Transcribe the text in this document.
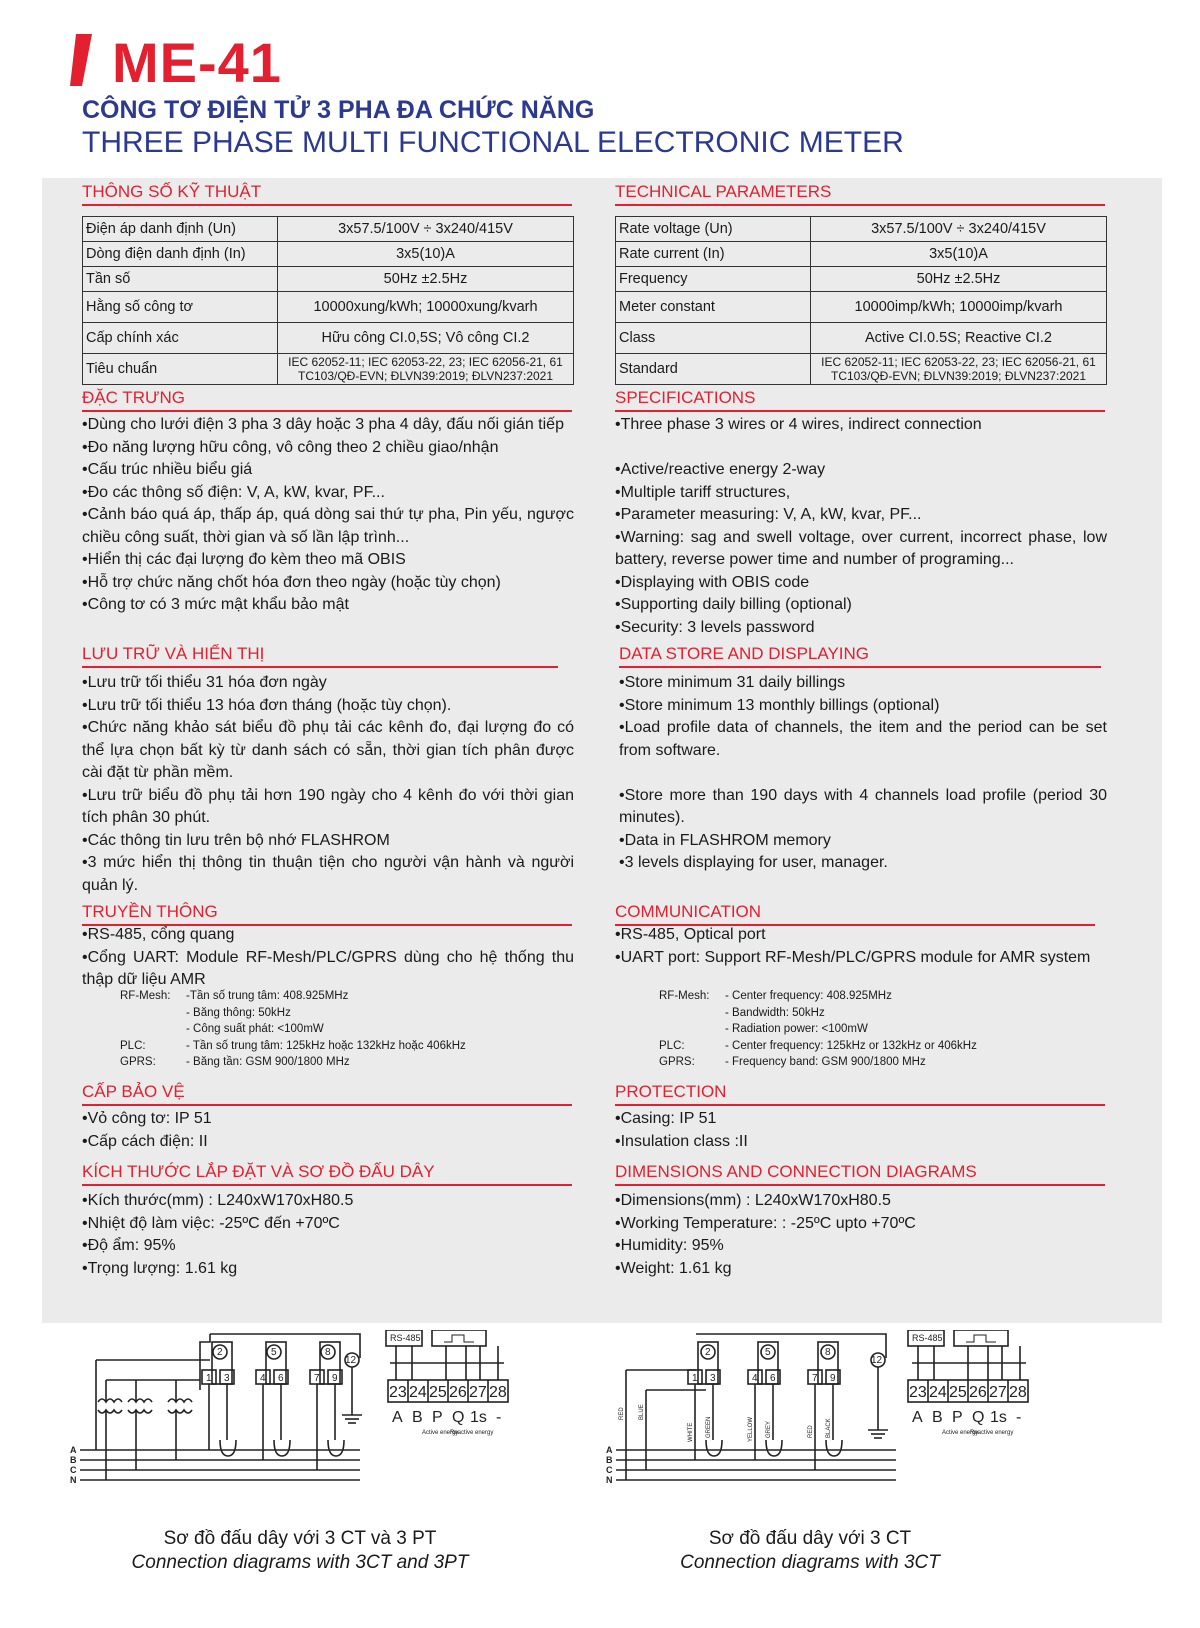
ME-41
CÔNG TƠ ĐIỆN TỬ 3 PHA ĐA CHỨC NĂNG
THREE PHASE MULTI FUNCTIONAL ELECTRONIC METER
THÔNG SỐ KỸ THUẬT
Điện áp danh định (Un)	3x57.5/100V ÷ 3x240/415V
Dòng điện danh định (In)	3x5(10)A
Tần số	50Hz ±2.5Hz
Hằng số công tơ	10000xung/kWh; 10000xung/kvarh
Cấp chính xác	Hữu công CI.0,5S; Vô công CI.2
Tiêu chuẩn	IEC 62052-11; IEC 62053-22, 23; IEC 62056-21, 61
TC103/QĐ-EVN; ĐLVN39:2019; ĐLVN237:2021
ĐẶC TRƯNG
•Dùng cho lưới điện 3 pha 3 dây hoặc 3 pha 4 dây, đấu nối gián tiếp
•Đo năng lượng hữu công, vô công theo 2 chiều giao/nhận
•Cấu trúc nhiều biểu giá
•Đo các thông số điện: V, A, kW, kvar, PF...
•Cảnh báo quá áp, thấp áp, quá dòng sai thứ tự pha, Pin yếu, ngược chiều công suất, thời gian và số lần lập trình...
•Hiển thị các đại lượng đo kèm theo mã OBIS
•Hỗ trợ chức năng chốt hóa đơn theo ngày (hoặc tùy chọn)
•Công tơ có 3 mức mật khẩu bảo mật
LƯU TRỮ VÀ HIỂN THỊ
•Lưu trữ tối thiểu 31 hóa đơn ngày
•Lưu trữ tối thiểu 13 hóa đơn tháng (hoặc tùy chọn).
•Chức năng khảo sát biểu đồ phụ tải các kênh đo, đại lượng đo có thể lựa chọn bất kỳ từ danh sách có sẵn, thời gian tích phân được cài đặt từ phần mềm.
•Lưu trữ biểu đồ phụ tải hơn 190 ngày cho 4 kênh đo với thời gian tích phân 30 phút.
•Các thông tin lưu trên bộ nhớ FLASHROM
•3 mức hiển thị thông tin thuận tiện cho người vận hành và người quản lý.
TRUYỀN THÔNG
•RS-485, cổng quang
•Cổng UART: Module RF-Mesh/PLC/GPRS dùng cho hệ thống thu thập dữ liệu AMR
RF-Mesh:	-Tần số trung tâm: 408.925MHz
	- Băng thông: 50kHz
	- Công suất phát: <100mW
PLC:	- Tần số trung tâm: 125kHz hoặc 132kHz hoặc 406kHz
GPRS:	- Băng tần: GSM 900/1800 MHz
CẤP BẢO VỆ
•Vỏ công tơ: IP 51
•Cấp cách điện: II
KÍCH THƯỚC LẮP ĐẶT VÀ SƠ ĐỒ ĐẤU DÂY
•Kích thước(mm) : L240xW170xH80.5
•Nhiệt độ làm việc: -25ºC đến +70ºC
•Độ ẩm: 95%
•Trọng lượng: 1.61 kg
TECHNICAL PARAMETERS
Rate voltage (Un)	3x57.5/100V ÷ 3x240/415V
Rate current (In)	3x5(10)A
Frequency	50Hz ±2.5Hz
Meter constant	10000imp/kWh; 10000imp/kvarh
Class	Active CI.0.5S; Reactive CI.2
Standard	IEC 62052-11; IEC 62053-22, 23; IEC 62056-21, 61
TC103/QĐ-EVN; ĐLVN39:2019; ĐLVN237:2021
SPECIFICATIONS
•Three phase 3 wires or 4 wires, indirect connection
•Active/reactive energy 2-way
•Multiple tariff structures,
•Parameter measuring: V, A, kW, kvar, PF...
•Warning: sag and swell voltage, over current, incorrect phase, low battery, reverse power time and number of programing...
•Displaying with OBIS code
•Supporting daily billing (optional)
•Security: 3 levels password
DATA STORE AND DISPLAYING
•Store minimum 31 daily billings
•Store minimum 13 monthly billings (optional)
•Load profile data of channels, the item and the period can be set from software.
•Store more than 190 days with 4 channels load profile (period 30 minutes).
•Data in FLASHROM memory
•3 levels displaying for user, manager.
COMMUNICATION
•RS-485, Optical port
•UART port: Support RF-Mesh/PLC/GPRS module for AMR system
RF-Mesh:	- Center frequency: 408.925MHz
	- Bandwidth: 50kHz
	- Radiation power: <100mW
PLC:	- Center frequency: 125kHz or 132kHz or 406kHz
GPRS:	- Frequency band: GSM 900/1800 MHz
PROTECTION
•Casing: IP 51
•Insulation class :II
DIMENSIONS AND CONNECTION DIAGRAMS
•Dimensions(mm) : L240xW170xH80.5
•Working Temperature: : -25ºC upto +70ºC
•Humidity: 95%
•Weight: 1.61 kg
1
2
3	4
5
6	7
8
9
12
A
B
C
N
RS-485
23 24 25 26 27 28
A B P Q 1s -
Active energy
Reactive energy
1
2
3	4
5
6	7
8
9
12
RED BLUE
WHITE GREEN	YELLOW GREY	RED BLACK
A
B
C
N
RS-485
23 24 25 26 27 28
A B P Q 1s -
Active energy
Reactive energy
Sơ đồ đấu dây với 3 CT và 3 PT
Connection diagrams with 3CT and 3PT
Sơ đồ đấu dây với 3 CT
Connection diagrams with 3CT
